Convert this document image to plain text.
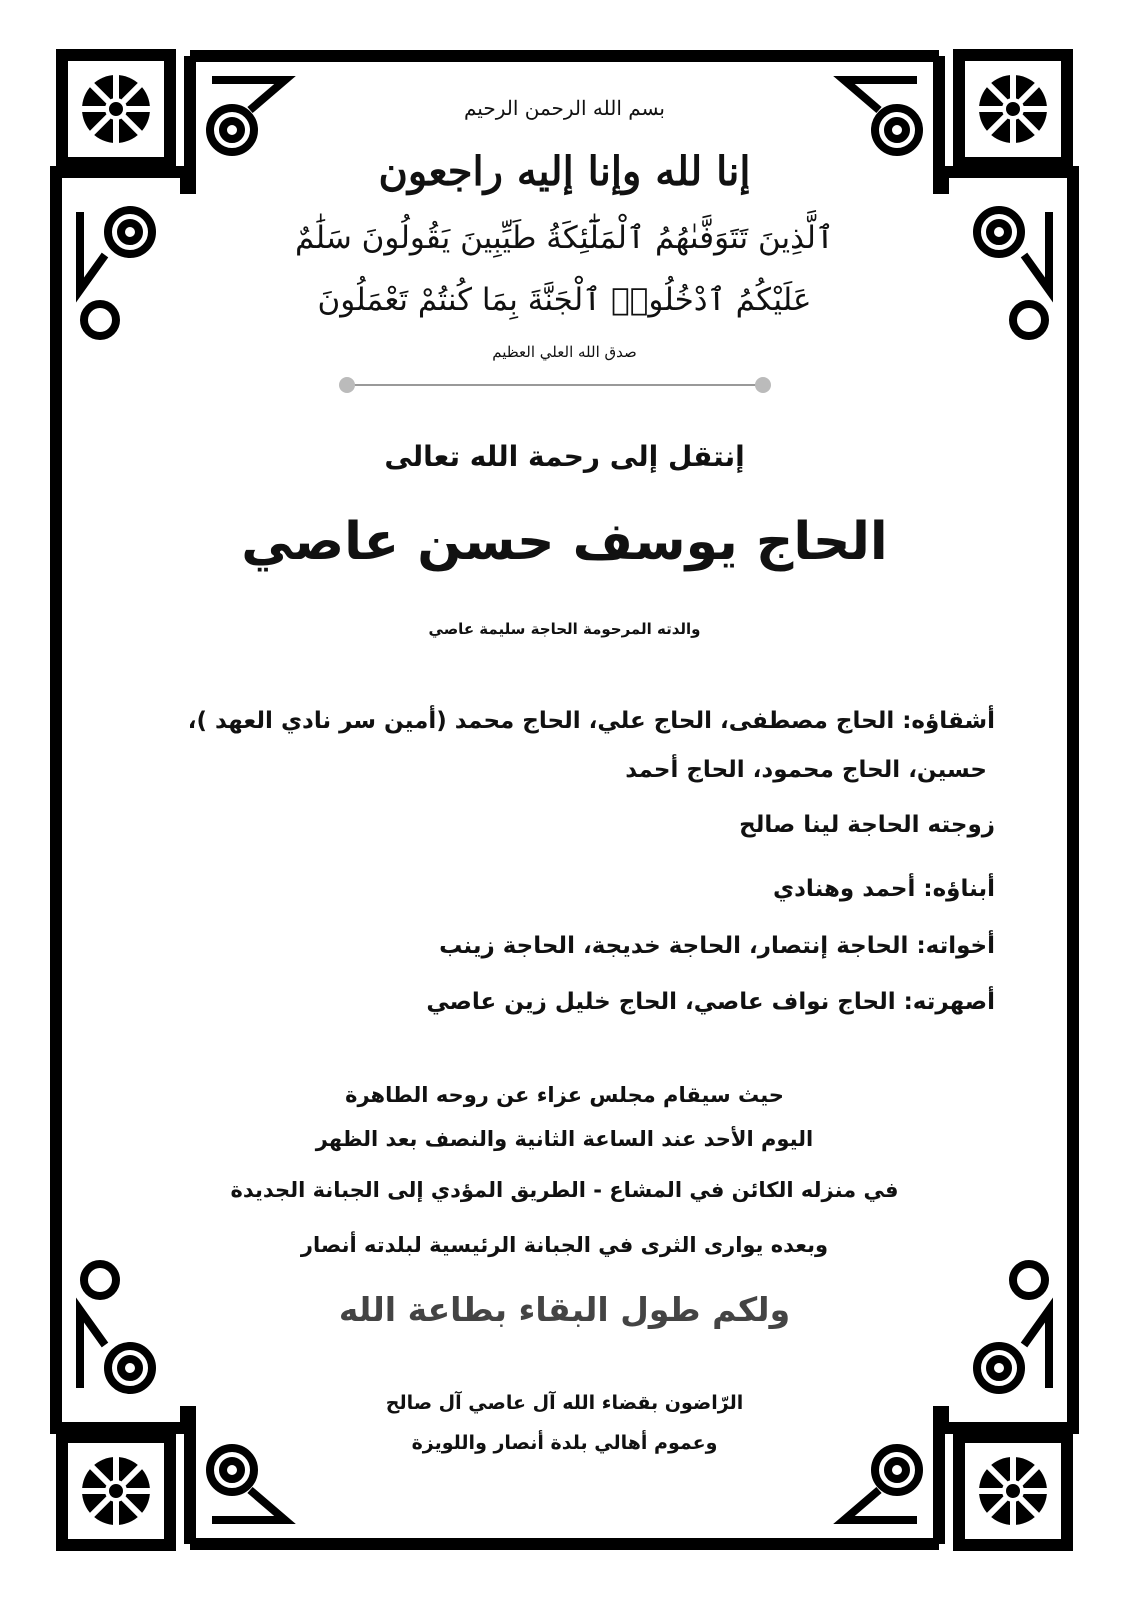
بسم الله الرحمن الرحيم
إنا لله وإنا إليه راجعون
ٱلَّذِينَ تَتَوَفَّىٰهُمُ ٱلْمَلَٰٓئِكَةُ طَيِّبِينَ يَقُولُونَ سَلَٰمٌ
عَلَيْكُمُ ٱدْخُلُوا۟ ٱلْجَنَّةَ بِمَا كُنتُمْ تَعْمَلُونَ
صدق الله العلي العظيم
إنتقل إلى رحمة الله تعالى
الحاج يوسف حسن عاصي
والدته المرحومة الحاجة سليمة عاصي
أشقاؤه: الحاج مصطفى، الحاج علي، الحاج محمد (أمين سر نادي العهد )،
حسين، الحاج محمود، الحاج أحمد
زوجته الحاجة لينا صالح
أبناؤه: أحمد وهنادي
أخواته: الحاجة إنتصار، الحاجة خديجة، الحاجة زينب
أصهرته: الحاج نواف عاصي، الحاج خليل زين عاصي
حيث سيقام مجلس عزاء عن روحه الطاهرة
اليوم الأحد عند الساعة الثانية والنصف بعد الظهر
في منزله الكائن في المشاع - الطريق المؤدي إلى الجبانة الجديدة
وبعده يوارى الثرى في الجبانة الرئيسية لبلدته أنصار
ولكم طول البقاء بطاعة الله
الرّاضون بقضاء الله آل عاصي آل صالح
وعموم أهالي بلدة أنصار واللويزة
